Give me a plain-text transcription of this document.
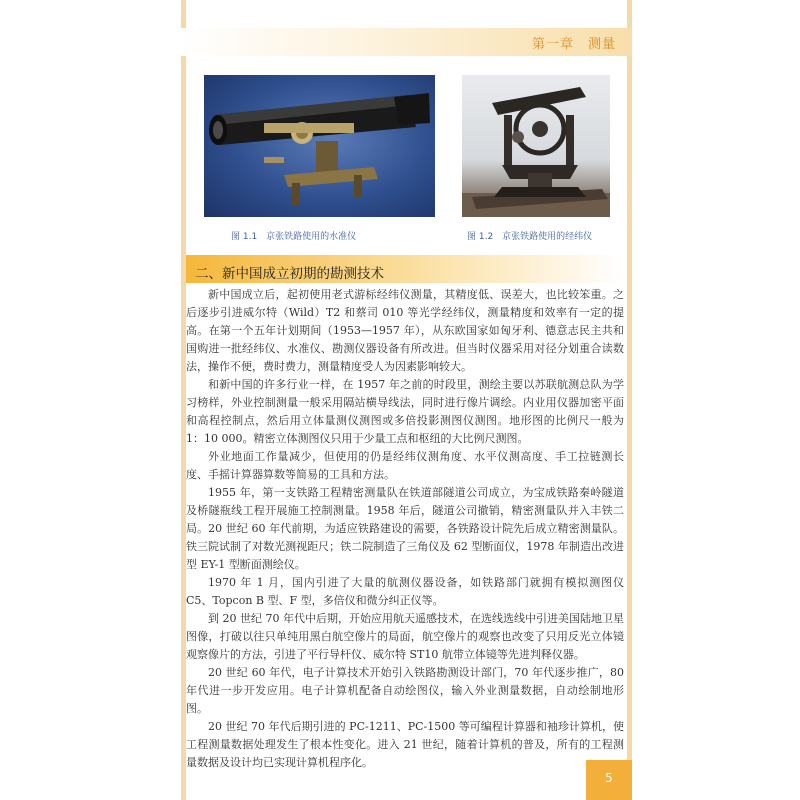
第一章　测量
图 1.1　京张铁路使用的水准仪	图 1.2　京张铁路使用的经纬仪
二、新中国成立初期的勘测技术

新中国成立后，起初使用老式游标经纬仪测量，其精度低、误差大，也比较笨重。之后逐步引进威尔特（Wild）T2 和蔡司 010 等光学经纬仪，测量精度和效率有一定的提高。在第一个五年计划期间（1953—1957 年），从东欧国家如匈牙利、德意志民主共和国购进一批经纬仪、水准仪、勘测仪器设备有所改进。但当时仪器采用对径分划重合读数法，操作不便，费时费力，测量精度受人为因素影响较大。

和新中国的许多行业一样，在 1957 年之前的时段里，测绘主要以苏联航测总队为学习榜样，外业控制测量一般采用隔站横导线法，同时进行像片调绘。内业用仪器加密平面和高程控制点，然后用立体量测仪测图或多倍投影测图仪测图。地形图的比例尺一般为 1：10 000。精密立体测图仪只用于少量工点和枢纽的大比例尺测图。

外业地面工作量减少，但使用的仍是经纬仪测角度、水平仪测高度、手工拉链测长度、手摇计算器算数等简易的工具和方法。

1955 年，第一支铁路工程精密测量队在铁道部隧道公司成立，为宝成铁路秦岭隧道及桥隧瓶线工程开展施工控制测量。1958 年后，隧道公司撤销，精密测量队并入丰铁二局。20 世纪 60 年代前期，为适应铁路建设的需要，各铁路设计院先后成立精密测量队。铁三院试制了对数光测视距尺；铁二院制造了三角仪及 62 型断面仪，1978 年制造出改进型 EY-1 型断面测绘仪。

1970 年 1 月，国内引进了大量的航测仪器设备，如铁路部门就拥有模拟测图仪 C5、Topcon B 型、F 型，多倍仪和微分纠正仪等。

到 20 世纪 70 年代中后期，开始应用航天遥感技术，在选线选线中引进美国陆地卫星图像，打破以往只单纯用黑白航空像片的局面，航空像片的观察也改变了只用反光立体镜观察像片的方法，引进了平行导杆仪、威尔特 ST10 航带立体镜等先进判释仪器。

20 世纪 60 年代，电子计算技术开始引入铁路勘测设计部门，70 年代逐步推广，80 年代进一步开发应用。电子计算机配备自动绘图仪，输入外业测量数据，自动绘制地形图。

20 世纪 70 年代后期引进的 PC-1211、PC-1500 等可编程计算器和袖珍计算机，使工程测量数据处理发生了根本性变化。进入 21 世纪，随着计算机的普及，所有的工程测量数据及设计均已实现计算机程序化。

5
